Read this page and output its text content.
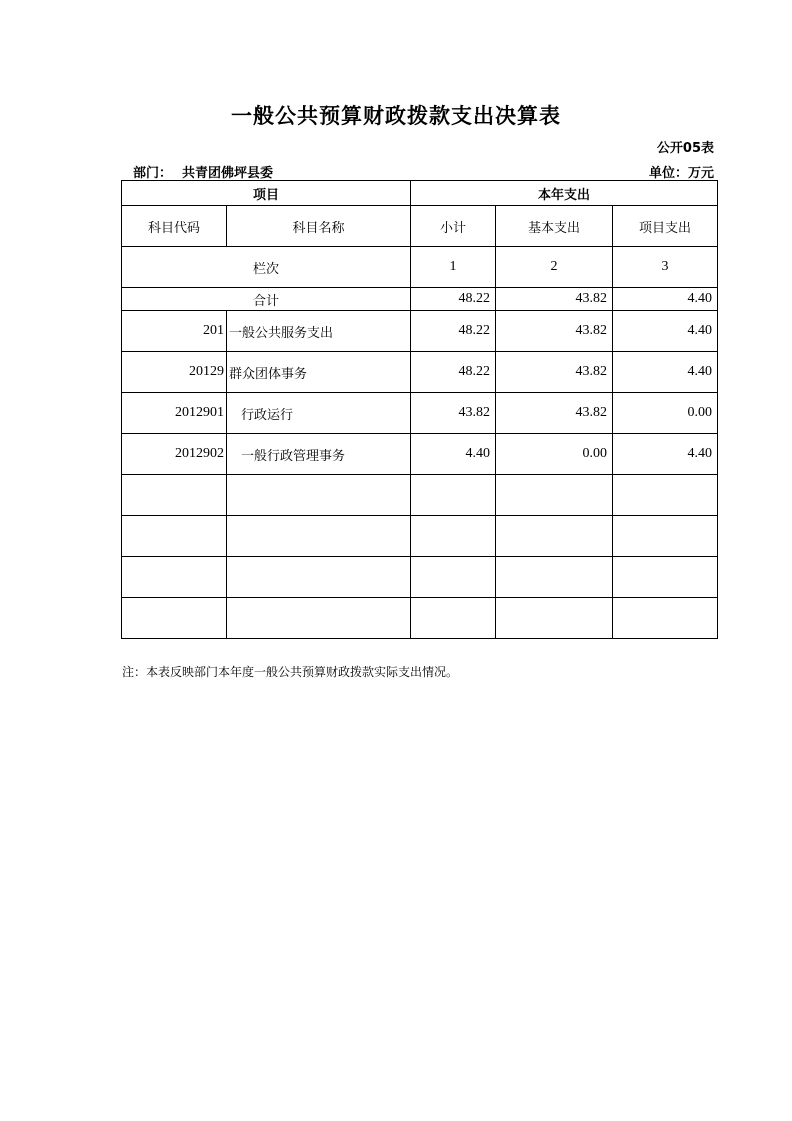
一般公共预算财政拨款支出决算表
公开05表
部门： 共青团佛坪县委	单位：万元
项目		本年支出		
科目代码	科目名称	小计	基本支出	项目支出
栏次		1	2	3
合计		48.22	43.82	4.40
201	一般公共服务支出	48.22	43.82	4.40
20129	群众团体事务	48.22	43.82	4.40
2012901	行政运行	43.82	43.82	0.00
2012902	一般行政管理事务	4.40	0.00	4.40

注：本表反映部门本年度一般公共预算财政拨款实际支出情况。
